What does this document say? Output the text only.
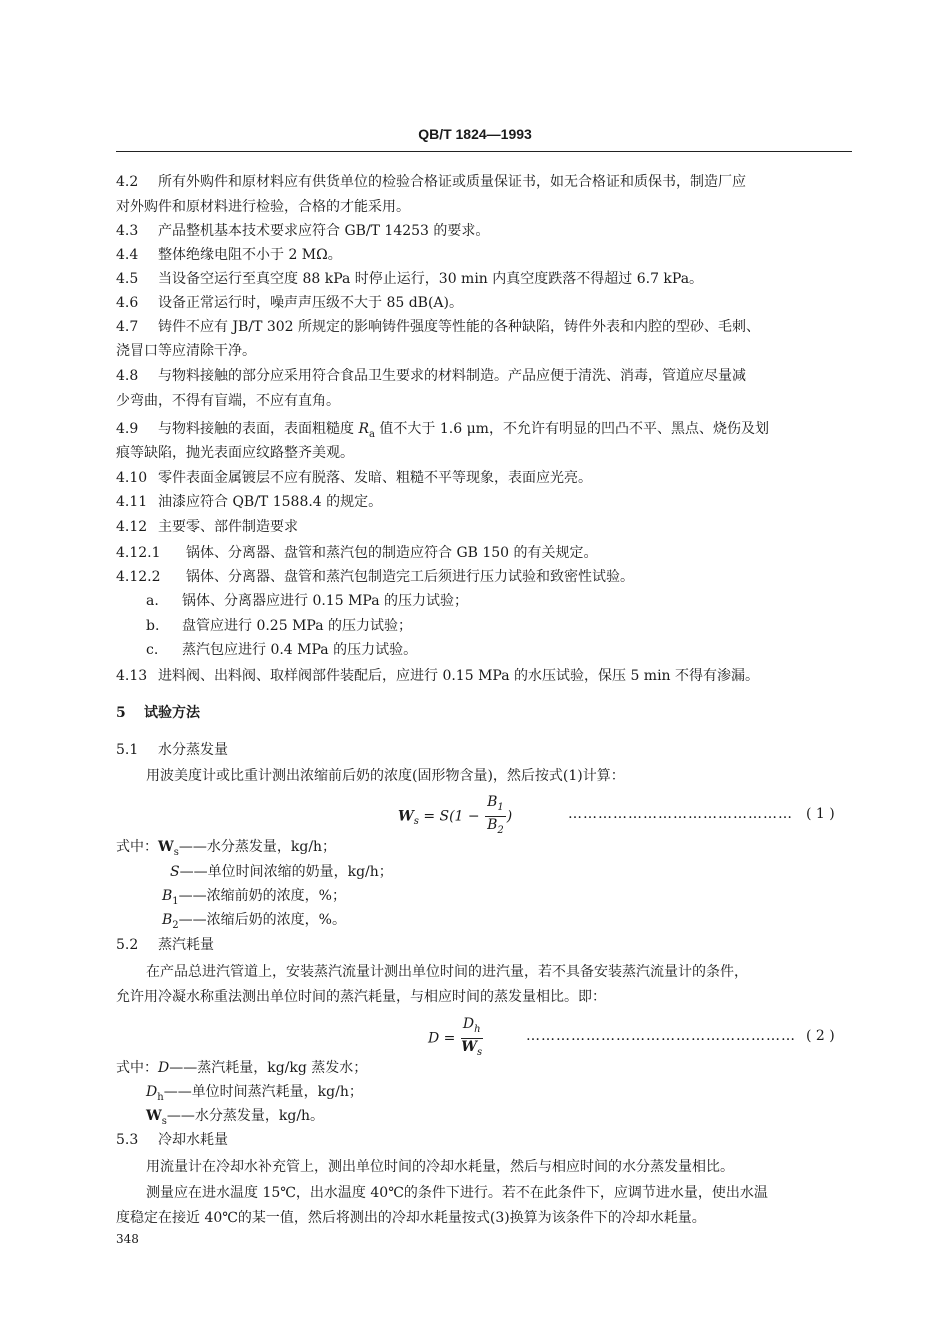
QB/T 1824—1993
4.2 所有外购件和原材料应有供货单位的检验合格证或质量保证书，如无合格证和质保书，制造厂应
对外购件和原材料进行检验，合格的才能采用。
4.3 产品整机基本技术要求应符合 GB/T 14253 的要求。
4.4 整体绝缘电阻不小于 2 MΩ。
4.5 当设备空运行至真空度 88 kPa 时停止运行，30 min 内真空度跌落不得超过 6.7 kPa。
4.6 设备正常运行时，噪声声压级不大于 85 dB(A)。
4.7 铸件不应有 JB/T 302 所规定的影响铸件强度等性能的各种缺陷，铸件外表和内腔的型砂、毛刺、
浇冒口等应清除干净。
4.8 与物料接触的部分应采用符合食品卫生要求的材料制造。产品应便于清洗、消毒，管道应尽量减
少弯曲，不得有盲端，不应有直角。
4.9 与物料接触的表面，表面粗糙度 $R_a$ 值不大于 1.6 μm，不允许有明显的凹凸不平、黑点、烧伤及划
痕等缺陷，抛光表面应纹路整齐美观。
4.10 零件表面金属镀层不应有脱落、发暗、粗糙不平等现象，表面应光亮。
4.11 油漆应符合 QB/T 1588.4 的规定。
4.12 主要零、部件制造要求
4.12.1 锅体、分离器、盘管和蒸汽包的制造应符合 GB 150 的有关规定。
4.12.2 锅体、分离器、盘管和蒸汽包制造完工后须进行压力试验和致密性试验。
a. 锅体、分离器应进行 0.15 MPa 的压力试验；
b. 盘管应进行 0.25 MPa 的压力试验；
c. 蒸汽包应进行 0.4 MPa 的压力试验。
4.13 进料阀、出料阀、取样阀部件装配后，应进行 0.15 MPa 的水压试验，保压 5 min 不得有渗漏。
5 试验方法
5.1 水分蒸发量
用波美度计或比重计测出浓缩前后奶的浓度(固形物含量)，然后按式(1)计算：
$W_s = S(1 - \frac{B_1}{B_2}$ )	……………………………………… ( 1 )
式中：$W_s——$水分蒸发量，kg/h；
S——单位时间浓缩的奶量，kg/h；
$B_1——$浓缩前奶的浓度，%；
$B_2——$浓缩后奶的浓度，%。
5.2 蒸汽耗量
在产品总进汽管道上，安装蒸汽流量计测出单位时间的进汽量，若不具备安装蒸汽流量计的条件，
允许用冷凝水称重法测出单位时间的蒸汽耗量，与相应时间的蒸发量相比。即：
$D = \frac{D_h}{W_s}$	……………………………………………… ( 2 )
式中：D——蒸汽耗量，kg/kg 蒸发水；
$D_h——$单位时间蒸汽耗量，kg/h；
$W_s——$水分蒸发量，kg/h。
5.3 冷却水耗量
用流量计在冷却水补充管上，测出单位时间的冷却水耗量，然后与相应时间的水分蒸发量相比。
测量应在进水温度 15℃，出水温度 40℃的条件下进行。若不在此条件下，应调节进水量，使出水温
度稳定在接近 40℃的某一值，然后将测出的冷却水耗量按式(3)换算为该条件下的冷却水耗量。
348
